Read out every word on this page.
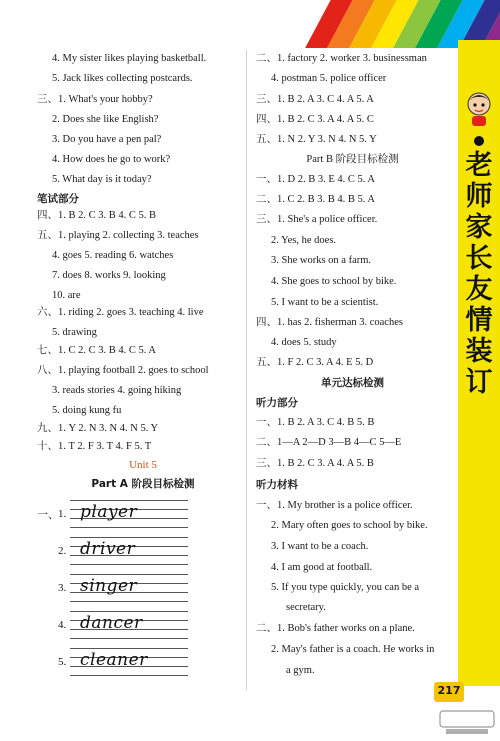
老师家长友情装订
4. My sister likes playing basketball.
5. Jack likes collecting postcards.
三、1. What's your hobby?
2. Does she like English?
3. Do you have a pen pal?
4. How does he go to work?
5. What day is it today?
笔试部分
四、1. B 2. C 3. B 4. C 5. B
五、1. playing 2. collecting 3. teaches
4. goes 5. reading 6. watches
7. does 8. works 9. looking
10. are
六、1. riding 2. goes 3. teaching 4. live
5. drawing
七、1. C 2. C 3. B 4. C 5. A
八、1. playing football 2. goes to school
3. reads stories 4. going hiking
5. doing kung fu
九、1. Y 2. N 3. N 4. N 5. Y
十、1. T 2. F 3. T 4. F 5. T
二、1. factory 2. worker 3. businessman
4. postman 5. police officer
三、1. B 2. A 3. C 4. A 5. A
四、1. B 2. C 3. A 4. A 5. C
五、1. N 2. Y 3. N 4. N 5. Y
Part B 阶段目标检测
一、1. D 2. B 3. E 4. C 5. A
二、1. C 2. B 3. B 4. B 5. A
三、1. She's a police officer.
2. Yes, he does.
3. She works on a farm.
4. She goes to school by bike.
5. I want to be a scientist.
四、1. has 2. fisherman 3. coaches
4. does 5. study
五、1. F 2. C 3. A 4. E 5. D
单元达标检测
听力部分
一、1. B 2. A 3. C 4. B 5. B
二、1—A 2—D 3—B 4—C 5—E
三、1. B 2. C 3. A 4. A 5. B
听力材料
一、1. My brother is a police officer.
2. Mary often goes to school by bike.
3. I want to be a coach.
4. I am good at football.
5. If you type quickly, you can be a
secretary.
二、1. Bob's father works on a plane.
2. May's father is a coach. He works in
a gym.
Unit 5
Part A 阶段目标检测
一、 1. player
2. driver
3. singer
4. dancer
5. cleaner
217
